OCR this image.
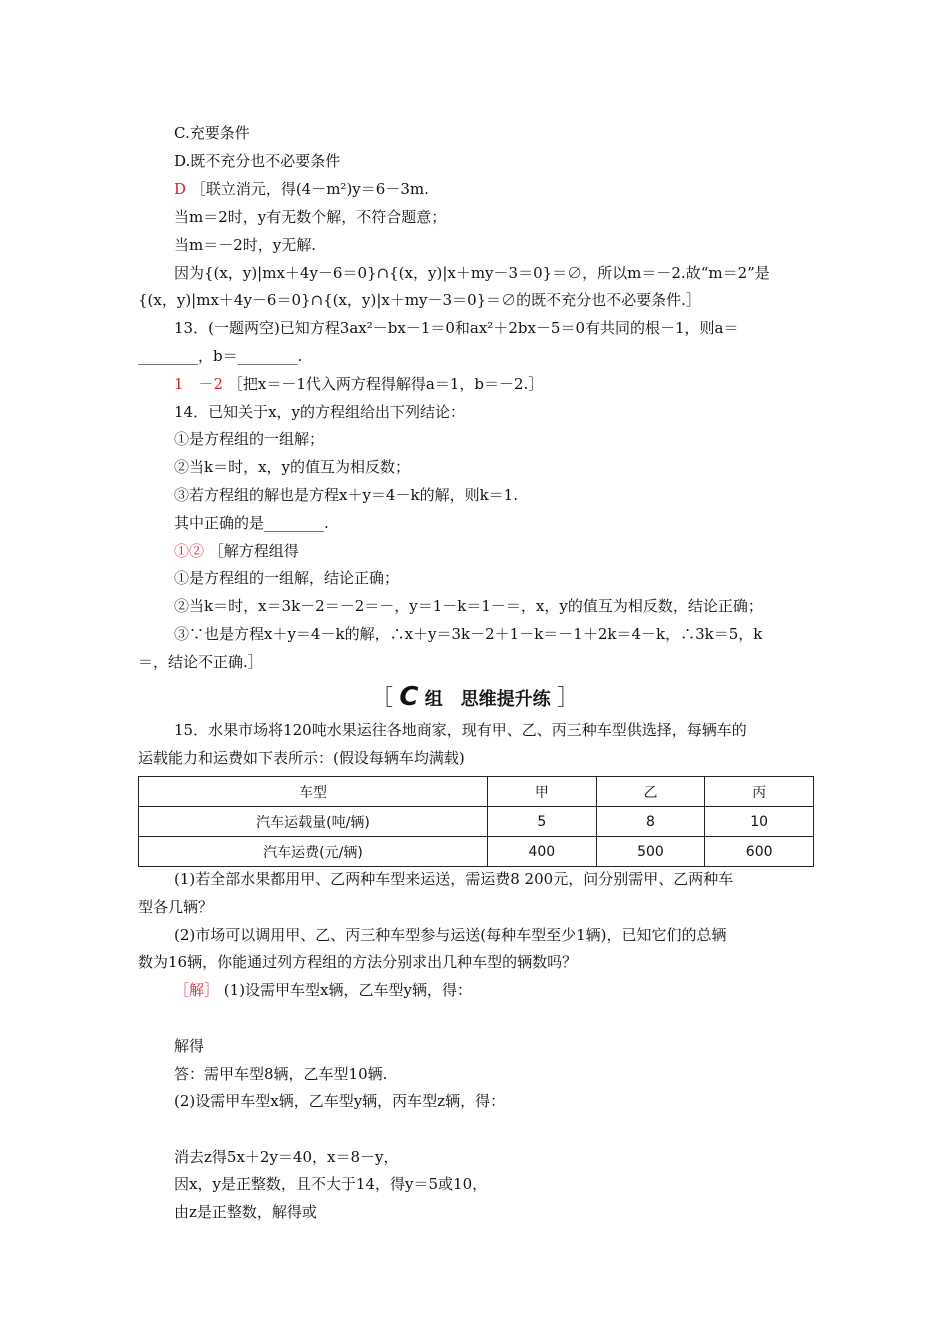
C.充要条件
D.既不充分也不必要条件
D ［联立消元，得(4－m²)y＝6－3m.
当m＝2时，y有无数个解，不符合题意；
当m＝－2时，y无解.
因为{(x，y)|mx＋4y－6＝0}∩{(x，y)|x＋my－3＝0}＝∅，所以m＝－2.故“m＝2”是
{(x，y)|mx＋4y－6＝0}∩{(x，y)|x＋my－3＝0}＝∅的既不充分也不必要条件.］
13．(一题两空)已知方程3ax²－bx－1＝0和ax²＋2bx－5＝0有共同的根－1，则a＝
________，b＝________.
1　－2 ［把x＝－1代入两方程得解得a＝1，b＝－2.］
14．已知关于x，y的方程组给出下列结论：
①是方程组的一组解；
②当k＝时，x，y的值互为相反数；
③若方程组的解也是方程x＋y＝4－k的解，则k＝1.
其中正确的是________.
①② ［解方程组得
①是方程组的一组解，结论正确；
②当k＝时，x＝3k－2＝－2＝－，y＝1－k＝1－＝，x，y的值互为相反数，结论正确；
③∵也是方程x＋y＝4－k的解，∴x＋y＝3k－2＋1－k＝－1＋2k＝4－k，∴3k＝5，k
＝，结论不正确.］
［ C 组　思维提升练 ］
15．水果市场将120吨水果运往各地商家，现有甲、乙、丙三种车型供选择，每辆车的
运载能力和运费如下表所示：(假设每辆车均满载)
车型	甲	乙	丙
汽车运载量(吨/辆)	5	8	10
汽车运费(元/辆)	400	500	600
(1)若全部水果都用甲、乙两种车型来运送，需运费8 200元，问分别需甲、乙两种车
型各几辆？
(2)市场可以调用甲、乙、丙三种车型参与运送(每种车型至少1辆)，已知它们的总辆
数为16辆，你能通过列方程组的方法分别求出几种车型的辆数吗？
［解］ (1)设需甲车型x辆，乙车型y辆，得：
解得
答：需甲车型8辆，乙车型10辆.
(2)设需甲车型x辆，乙车型y辆，丙车型z辆，得：
消去z得5x＋2y＝40，x＝8－y，
因x，y是正整数，且不大于14，得y＝5或10，
由z是正整数，解得或
